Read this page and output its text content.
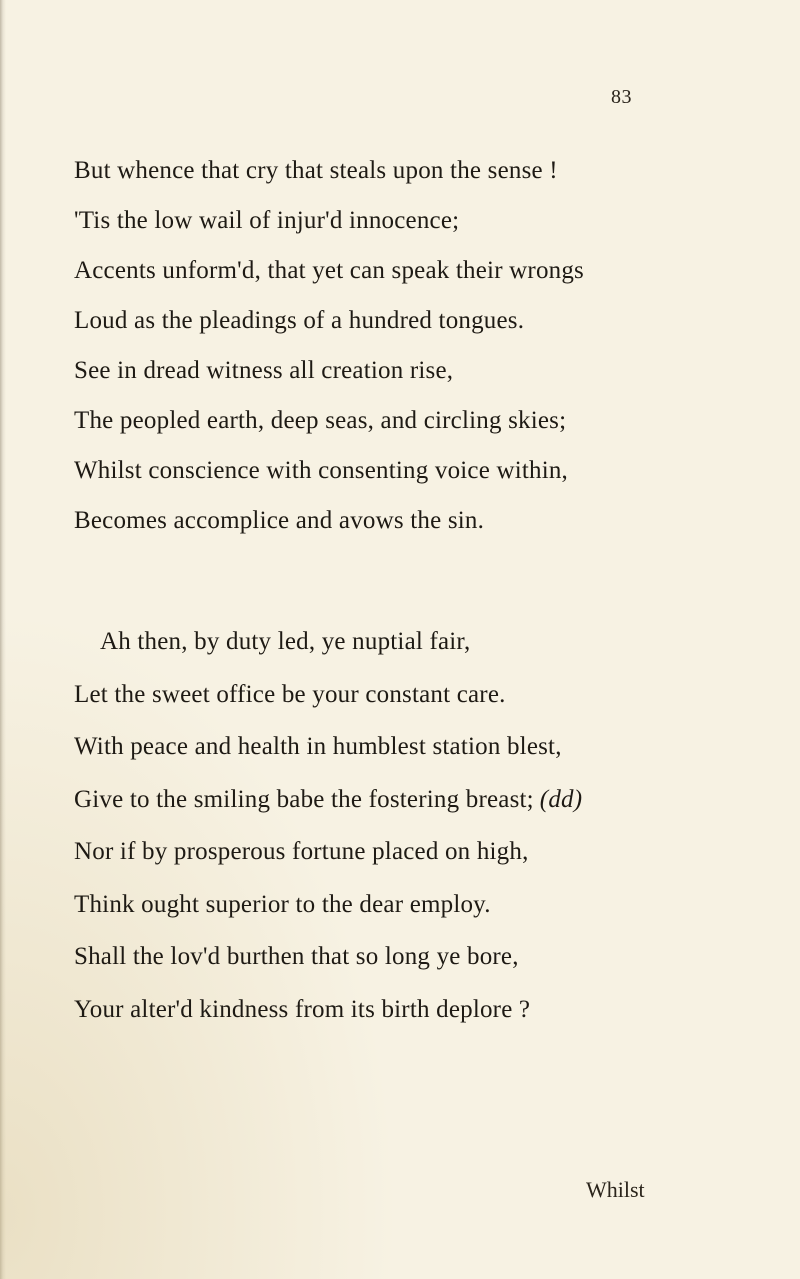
83
But whence that cry that steals upon the sense !
'Tis the low wail of injur'd innocence;
Accents unform'd, that yet can speak their wrongs
Loud as the pleadings of a hundred tongues.
See in dread witness all creation rise,
The peopled earth, deep seas, and circling skies;
Whilst conscience with consenting voice within,
Becomes accomplice and avows the sin.
Ah then, by duty led, ye nuptial fair,
Let the sweet office be your constant care.
With peace and health in humblest station blest,
Give to the smiling babe the fostering breast; (dd)
Nor if by prosperous fortune placed on high,
Think ought superior to the dear employ.
Shall the lov'd burthen that so long ye bore,
Your alter'd kindness from its birth deplore ?
Whilst
